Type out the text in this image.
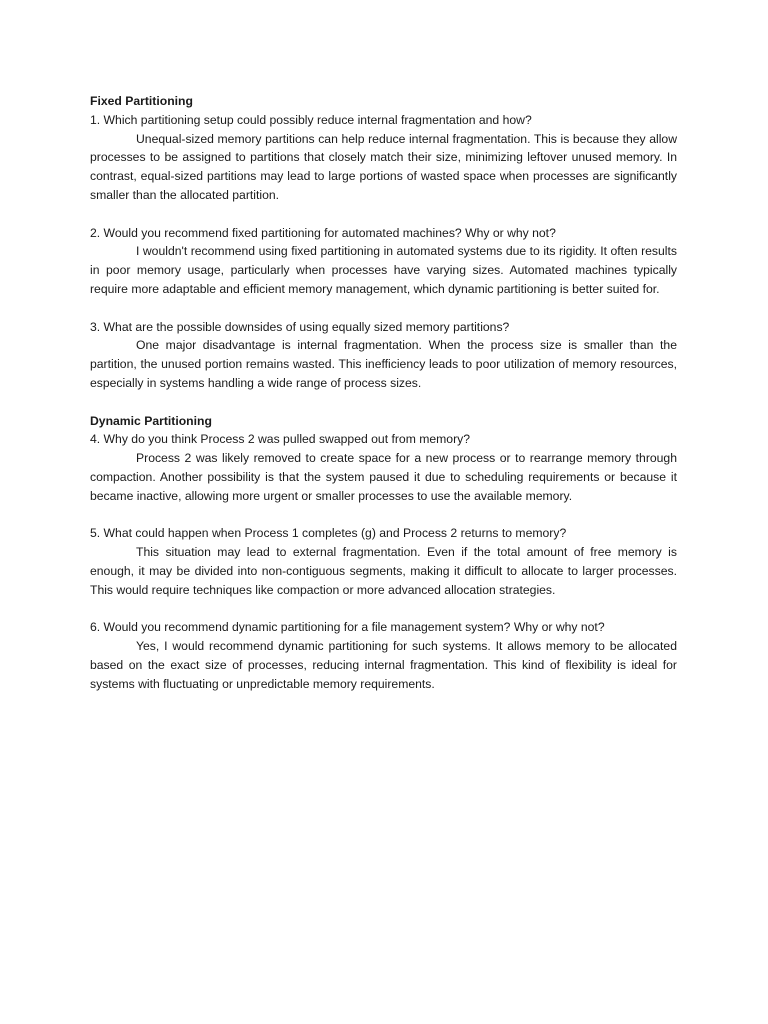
Fixed Partitioning

1. Which partitioning setup could possibly reduce internal fragmentation and how?

Unequal-sized memory partitions can help reduce internal fragmentation. This is because they allow processes to be assigned to partitions that closely match their size, minimizing leftover unused memory. In contrast, equal-sized partitions may lead to large portions of wasted space when processes are significantly smaller than the allocated partition.

2. Would you recommend fixed partitioning for automated machines? Why or why not?

I wouldn't recommend using fixed partitioning in automated systems due to its rigidity. It often results in poor memory usage, particularly when processes have varying sizes. Automated machines typically require more adaptable and efficient memory management, which dynamic partitioning is better suited for.

3. What are the possible downsides of using equally sized memory partitions?

One major disadvantage is internal fragmentation. When the process size is smaller than the partition, the unused portion remains wasted. This inefficiency leads to poor utilization of memory resources, especially in systems handling a wide range of process sizes.

Dynamic Partitioning

4. Why do you think Process 2 was pulled swapped out from memory?

Process 2 was likely removed to create space for a new process or to rearrange memory through compaction. Another possibility is that the system paused it due to scheduling requirements or because it became inactive, allowing more urgent or smaller processes to use the available memory.

5. What could happen when Process 1 completes (g) and Process 2 returns to memory?

This situation may lead to external fragmentation. Even if the total amount of free memory is enough, it may be divided into non-contiguous segments, making it difficult to allocate to larger processes. This would require techniques like compaction or more advanced allocation strategies.

6. Would you recommend dynamic partitioning for a file management system? Why or why not?

Yes, I would recommend dynamic partitioning for such systems. It allows memory to be allocated based on the exact size of processes, reducing internal fragmentation. This kind of flexibility is ideal for systems with fluctuating or unpredictable memory requirements.
